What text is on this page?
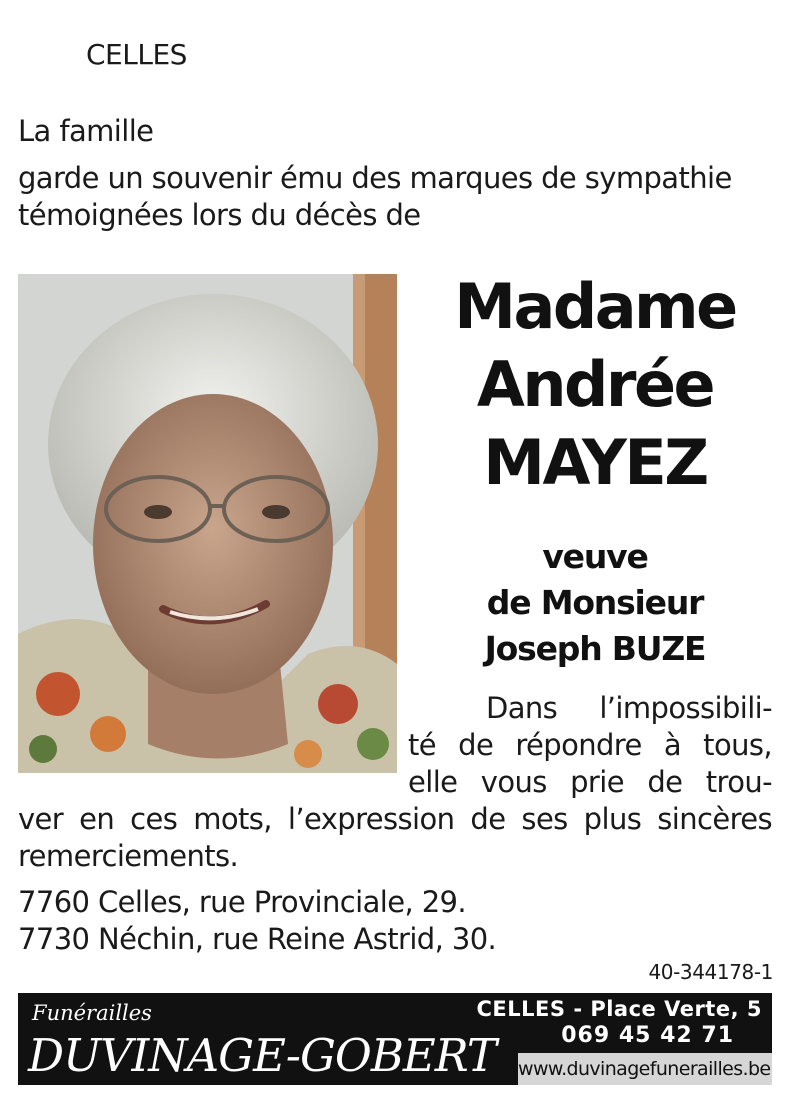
CELLES
La famille
garde un souvenir ému des marques de sympathie
témoignées lors du décès de
Madame
Andrée
MAYEZ
veuve
de Monsieur
Joseph BUZE
Dans l’impossibili-
té de répondre à tous,
elle vous prie de trou-
ver en ces mots, l’expression de ses plus sincères
remerciements.
7760 Celles, rue Provinciale, 29.
7730 Néchin, rue Reine Astrid, 30.
40-344178-1
Funérailles
DUVINAGE-GOBERT
CELLES - Place Verte, 5
069 45 42 71
www.duvinagefunerailles.be
